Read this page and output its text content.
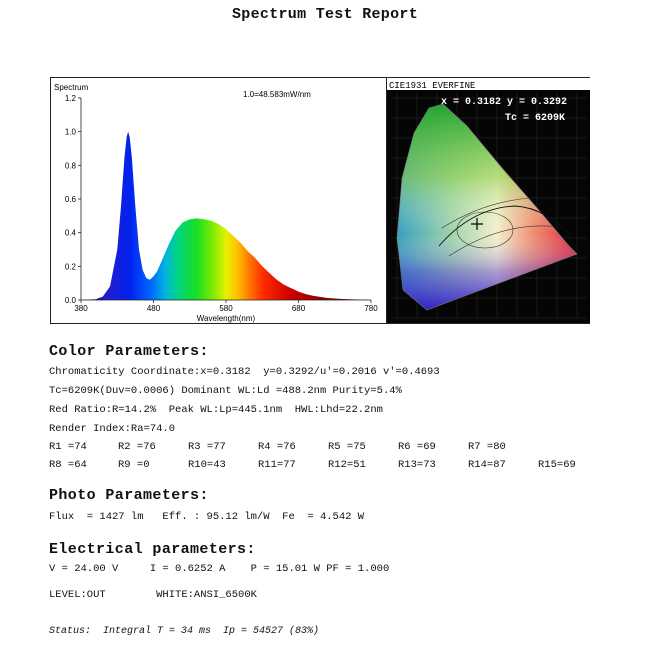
Spectrum Test Report
Spectrum
1.0=48.583mW/nm
0.0
0.2
0.4
0.6
0.8
1.0
1.2
380	480	580	680	780
Wavelength(nm)
CIE1931 EVERFINE
x = 0.3182 y = 0.3292
Tc = 6209K
Color Parameters:
Chromaticity Coordinate:x=0.3182  y=0.3292/u'=0.2016 v'=0.4693
Tc=6209K(Duv=0.0006) Dominant WL:Ld =488.2nm Purity=5.4%
Red Ratio:R=14.2%  Peak WL:Lp=445.1nm  HWL:Lhd=22.2nm
Render Index:Ra=74.0
R1 =74	R2 =76	R3 =77	R4 =76	R5 =75	R6 =69	R7 =80
R8 =64	R9 =0	R10=43	R11=77	R12=51	R13=73	R14=87	R15=69
Photo Parameters:
Flux  = 1427 lm   Eff. : 95.12 lm/W  Fe  = 4.542 W
Electrical parameters:
V = 24.00 V     I = 0.6252 A    P = 15.01 W PF = 1.000
LEVEL:OUT        WHITE:ANSI_6500K
Status:  Integral T = 34 ms  Ip = 54527 (83%)
